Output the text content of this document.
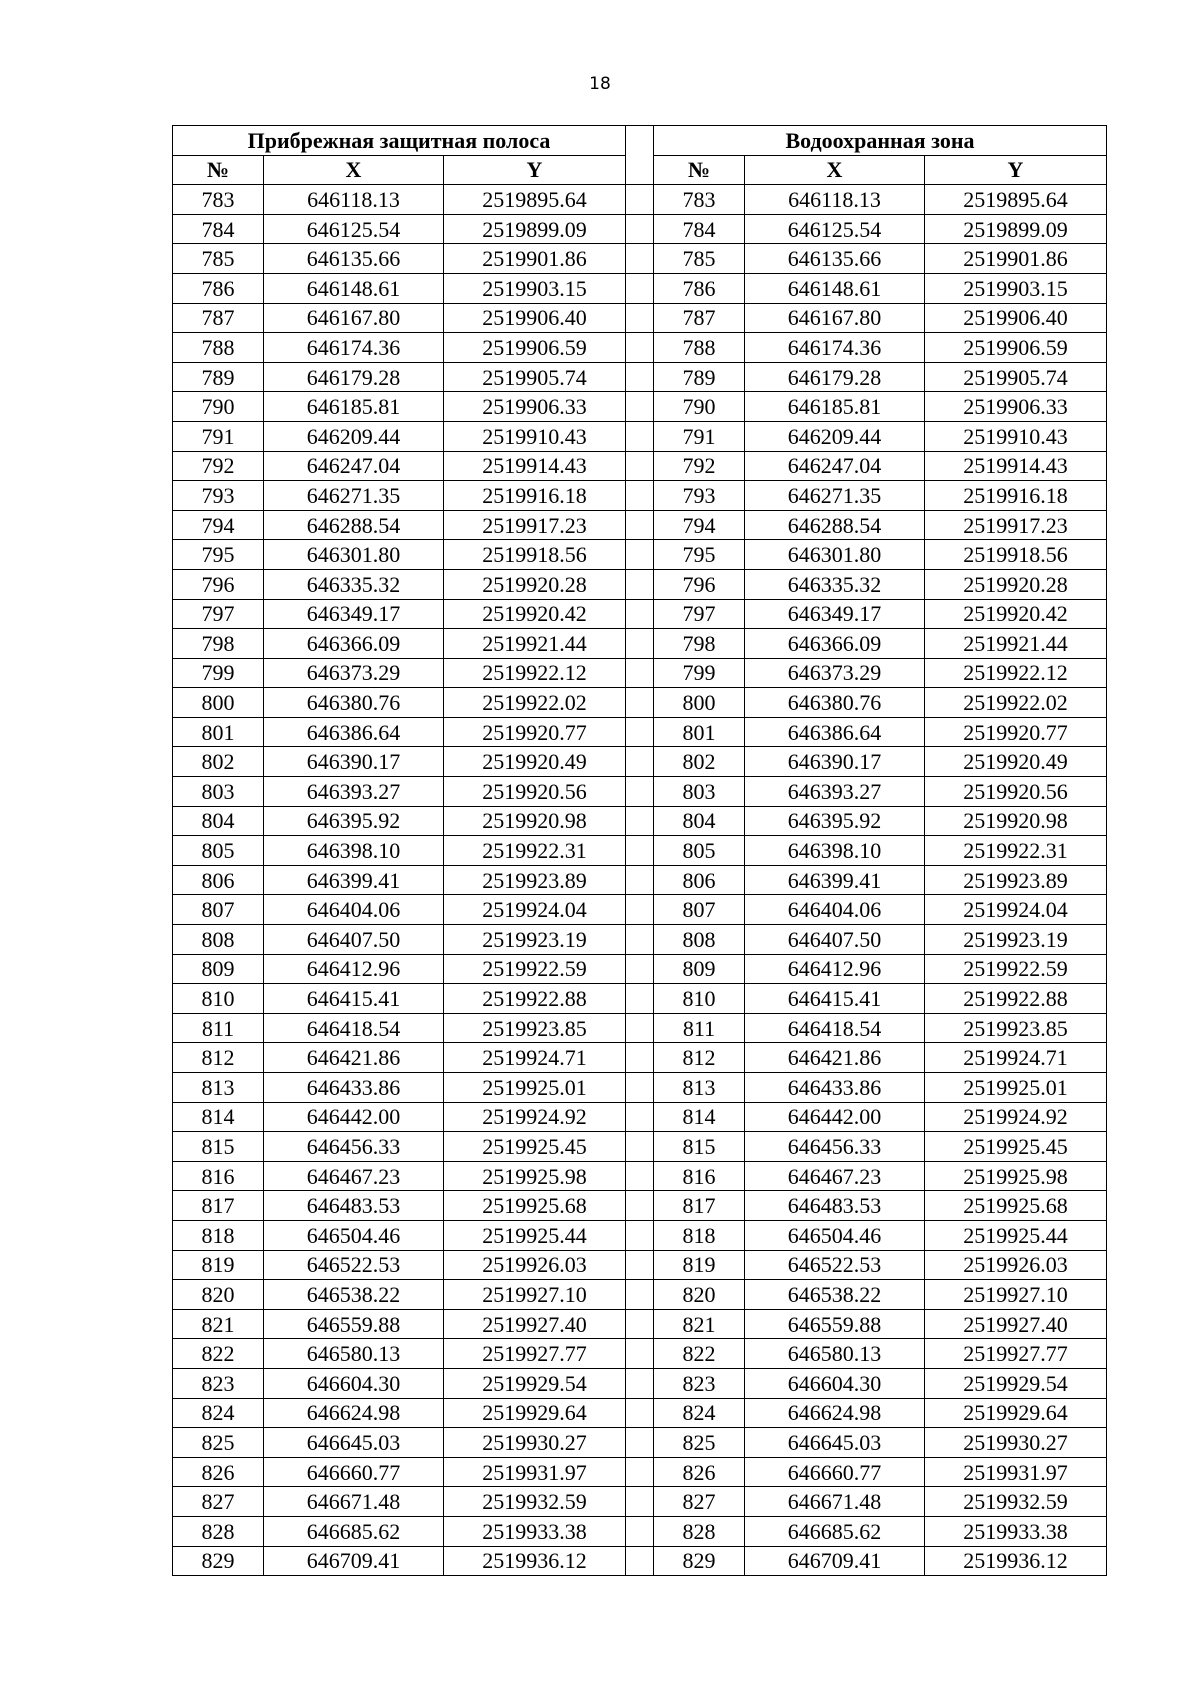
18
Прибрежная защитная полоса				Водоохранная зона		
№	X	Y		№	X	Y
783	646118.13	2519895.64		783	646118.13	2519895.64
784	646125.54	2519899.09		784	646125.54	2519899.09
785	646135.66	2519901.86		785	646135.66	2519901.86
786	646148.61	2519903.15		786	646148.61	2519903.15
787	646167.80	2519906.40		787	646167.80	2519906.40
788	646174.36	2519906.59		788	646174.36	2519906.59
789	646179.28	2519905.74		789	646179.28	2519905.74
790	646185.81	2519906.33		790	646185.81	2519906.33
791	646209.44	2519910.43		791	646209.44	2519910.43
792	646247.04	2519914.43		792	646247.04	2519914.43
793	646271.35	2519916.18		793	646271.35	2519916.18
794	646288.54	2519917.23		794	646288.54	2519917.23
795	646301.80	2519918.56		795	646301.80	2519918.56
796	646335.32	2519920.28		796	646335.32	2519920.28
797	646349.17	2519920.42		797	646349.17	2519920.42
798	646366.09	2519921.44		798	646366.09	2519921.44
799	646373.29	2519922.12		799	646373.29	2519922.12
800	646380.76	2519922.02		800	646380.76	2519922.02
801	646386.64	2519920.77		801	646386.64	2519920.77
802	646390.17	2519920.49		802	646390.17	2519920.49
803	646393.27	2519920.56		803	646393.27	2519920.56
804	646395.92	2519920.98		804	646395.92	2519920.98
805	646398.10	2519922.31		805	646398.10	2519922.31
806	646399.41	2519923.89		806	646399.41	2519923.89
807	646404.06	2519924.04		807	646404.06	2519924.04
808	646407.50	2519923.19		808	646407.50	2519923.19
809	646412.96	2519922.59		809	646412.96	2519922.59
810	646415.41	2519922.88		810	646415.41	2519922.88
811	646418.54	2519923.85		811	646418.54	2519923.85
812	646421.86	2519924.71		812	646421.86	2519924.71
813	646433.86	2519925.01		813	646433.86	2519925.01
814	646442.00	2519924.92		814	646442.00	2519924.92
815	646456.33	2519925.45		815	646456.33	2519925.45
816	646467.23	2519925.98		816	646467.23	2519925.98
817	646483.53	2519925.68		817	646483.53	2519925.68
818	646504.46	2519925.44		818	646504.46	2519925.44
819	646522.53	2519926.03		819	646522.53	2519926.03
820	646538.22	2519927.10		820	646538.22	2519927.10
821	646559.88	2519927.40		821	646559.88	2519927.40
822	646580.13	2519927.77		822	646580.13	2519927.77
823	646604.30	2519929.54		823	646604.30	2519929.54
824	646624.98	2519929.64		824	646624.98	2519929.64
825	646645.03	2519930.27		825	646645.03	2519930.27
826	646660.77	2519931.97		826	646660.77	2519931.97
827	646671.48	2519932.59		827	646671.48	2519932.59
828	646685.62	2519933.38		828	646685.62	2519933.38
829	646709.41	2519936.12		829	646709.41	2519936.12
